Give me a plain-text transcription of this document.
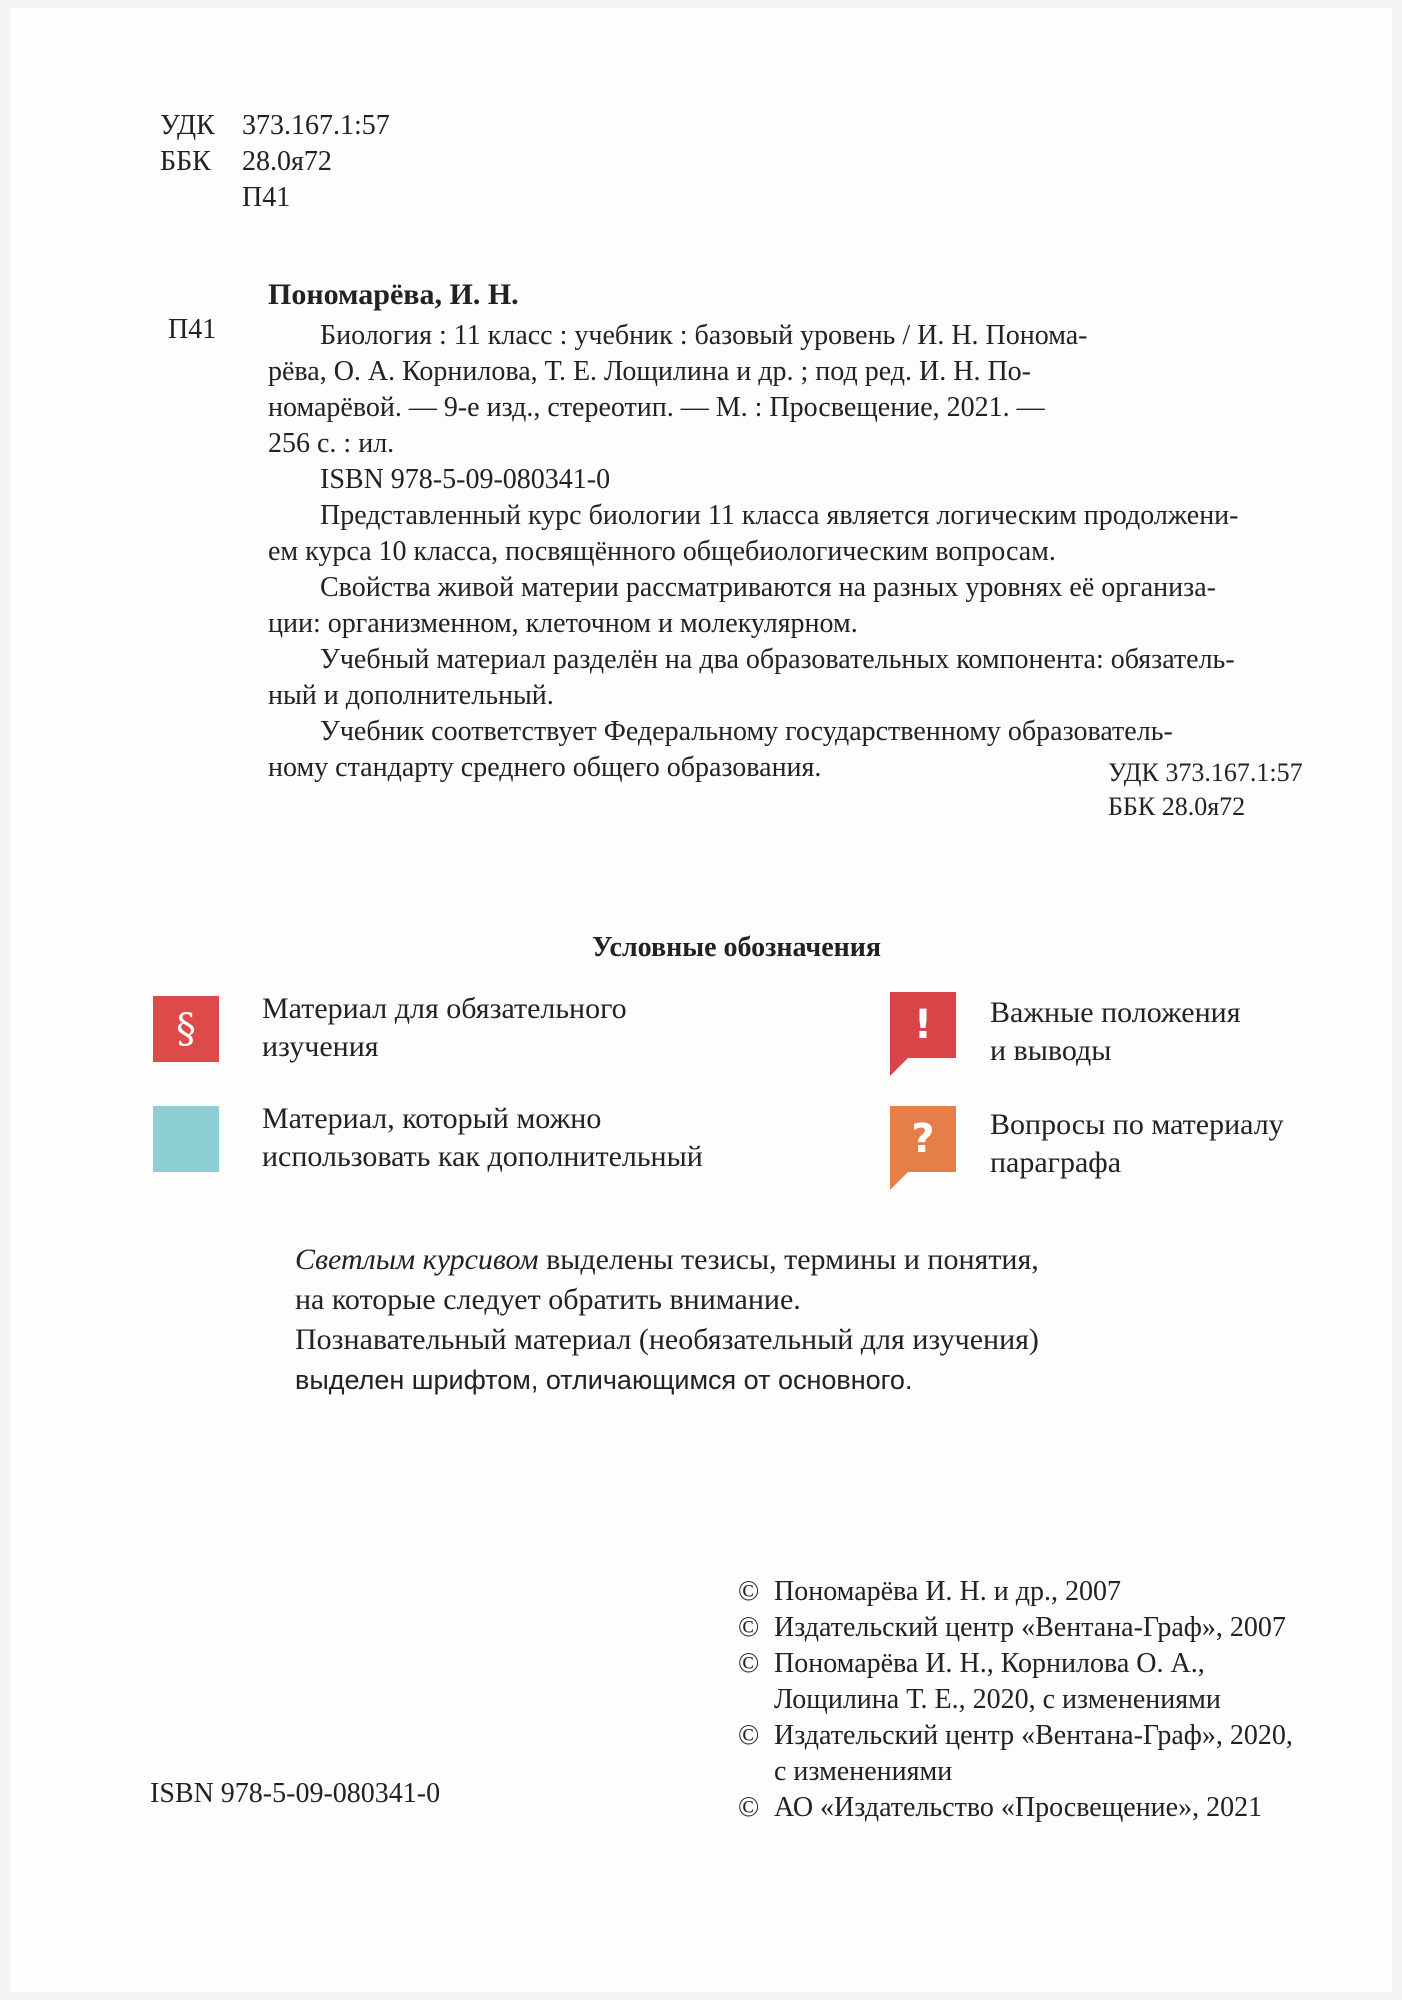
УДК 373.167.1:57
ББК 28.0я72
П41
Пономарёва, И. Н.
П41	Биология : 11 класс : учебник : базовый уровень / И. Н. Понома-

рёва, О. А. Корнилова, Т. Е. Лощилина и др. ; под ред. И. Н. По-

номарёвой. — 9-е изд., стереотип. — М. : Просвещение, 2021. —

256 с. : ил.

ISBN 978-5-09-080341-0

Представленный курс биологии 11 класса является логическим продолжени-

ем курса 10 класса, посвящённого общебиологическим вопросам.

Свойства живой материи рассматриваются на разных уровнях её организа-

ции: организменном, клеточном и молекулярном.

Учебный материал разделён на два образовательных компонента: обязатель-

ный и дополнительный.

Учебник соответствует Федеральному государственному образователь-

ному стандарту среднего общего образования.	УДК 373.167.1:57
ББК 28.0я72
Условные обозначения
§ Материал для обязательного
изучения	! Важные положения
и выводы
Материал, который можно
использовать как дополнительный	? Вопросы по материалу
параграфа
Светлым курсивом выделены тезисы, термины и понятия,
на которые следует обратить внимание.
Познавательный материал (необязательный для изучения)
выделен шрифтом, отличающимся от основного.
© Пономарёва И. Н. и др., 2007
© Издательский центр «Вентана-Граф», 2007
© Пономарёва И. Н., Корнилова О. А.,
Лощилина Т. Е., 2020, с изменениями
© Издательский центр «Вентана-Граф», 2020,
с изменениями
© АО «Издательство «Просвещение», 2021
ISBN 978-5-09-080341-0
